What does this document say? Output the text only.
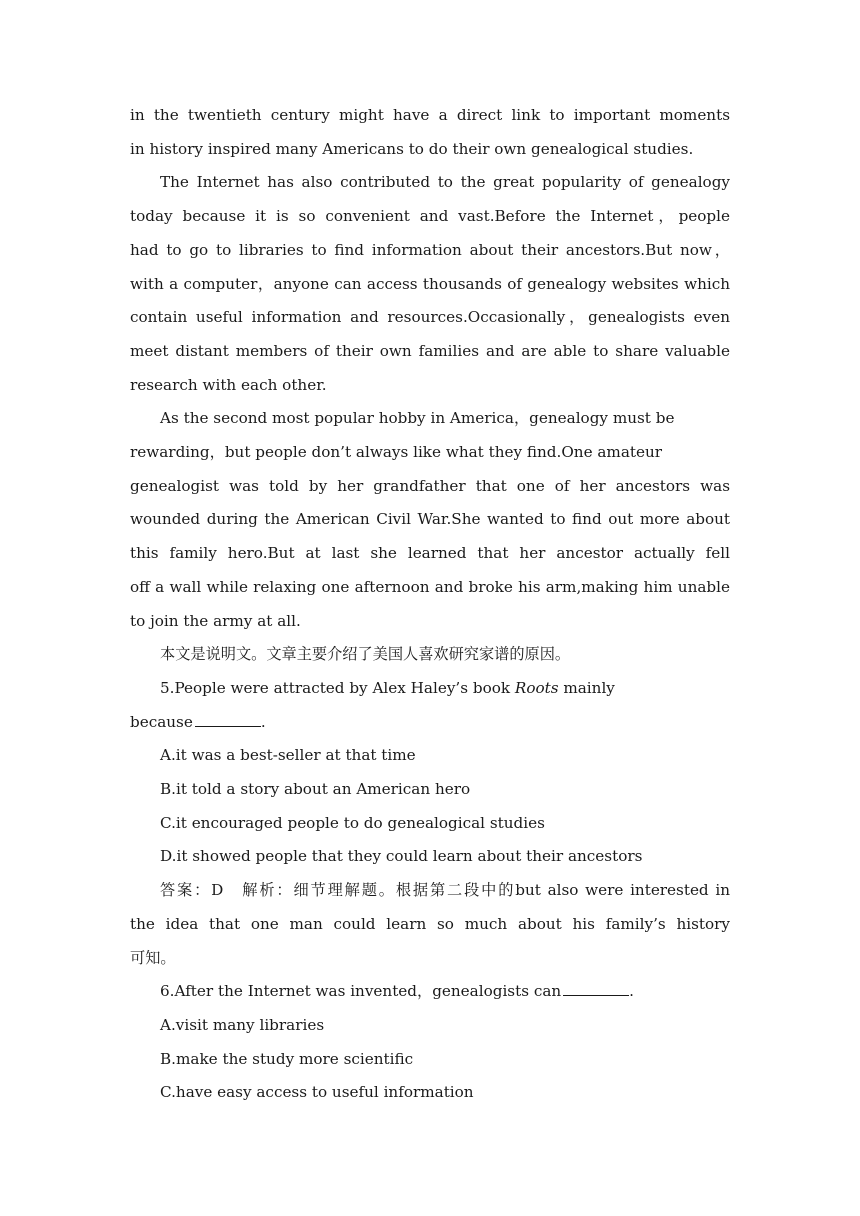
in the twentieth century might have a direct link to important moments

in history inspired many Americans to do their own genealogical studies.

The Internet has also contributed to the great popularity of genealogy

today because it is so convenient and vast.Before the Internet，people

had to go to libraries to find information about their ancestors.But now，

with a computer，anyone can access thousands of genealogy websites which

contain useful information and resources.Occasionally，genealogists even

meet distant members of their own families and are able to share valuable

research with each other.

As the second most popular hobby in America，genealogy must be

rewarding，but people don’t always like what they find.One amateur

genealogist was told by her grandfather that one of her ancestors was

wounded during the American Civil War.She wanted to find out more about

this family hero.But at last she learned that her ancestor actually fell

off a wall while relaxing one afternoon and broke his arm,making him unable

to join the army at all.

本文是说明文。文章主要介绍了美国人喜欢研究家谱的原因。

5.People were attracted by Alex Haley’s book Roots mainly

because	.

A.it was a best-seller at that time

B.it told a story about an American hero

C.it encouraged people to do genealogical studies

D.it showed people that they could learn about their ancestors

答案：D　解析：细节理解题。根据第二段中的but also were interested in

the idea that one man could learn so much about his family’s history

可知。

6.After the Internet was invented，genealogists can	.

A.visit many libraries

B.make the study more scientific

C.have easy access to useful information
